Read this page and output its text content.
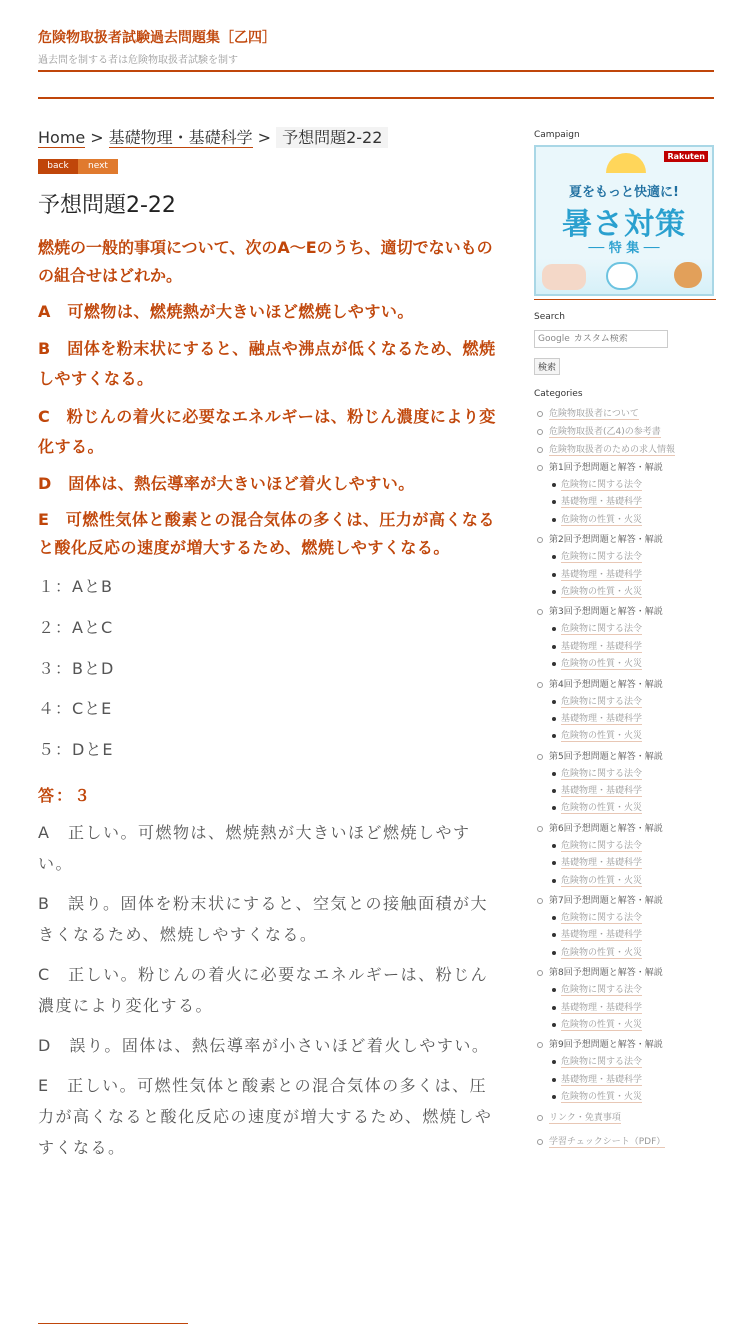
危険物取扱者試験過去問題集［乙四］
過去問を制する者は危険物取扱者試験を制す
Home > 基礎物理・基礎科学 > 予想問題2-22
back	next
予想問題2-22
燃焼の一般的事項について、次のA～Eのうち、適切でないものの組合せはどれか。
A　可燃物は、燃焼熱が大きいほど燃焼しやすい。
B　固体を粉末状にすると、融点や沸点が低くなるため、燃焼しやすくなる。
C　粉じんの着火に必要なエネルギーは、粉じん濃度により変化する。
D　固体は、熱伝導率が大きいほど着火しやすい。
E　可燃性気体と酸素との混合気体の多くは、圧力が高くなると酸化反応の速度が増大するため、燃焼しやすくなる。
１：AとB
２：AとC
３：BとD
４：CとE
５：DとE
答：３

A　正しい。可燃物は、燃焼熱が大きいほど燃焼しやすい。

B　誤り。固体を粉末状にすると、空気との接触面積が大きくなるため、燃焼しやすくなる。

C　正しい。粉じんの着火に必要なエネルギーは、粉じん濃度により変化する。

D　誤り。固体は、熱伝導率が小さいほど着火しやすい。

E　正しい。可燃性気体と酸素との混合気体の多くは、圧力が高くなると酸化反応の速度が増大するため、燃焼しやすくなる。

Campaign
Rakuten
夏をもっと快適に!
暑さ対策
── 特 集 ──
Search
Google
カスタム検索
検索
Categories
危険物取扱者について
危険物取扱者(乙4)の参考書
危険物取扱者のための求人情報
第1回予想問題と解答・解説
危険物に関する法令
基礎物理・基礎科学
危険物の性質・火災
第2回予想問題と解答・解説
危険物に関する法令
基礎物理・基礎科学
危険物の性質・火災
第3回予想問題と解答・解説
危険物に関する法令
基礎物理・基礎科学
危険物の性質・火災
第4回予想問題と解答・解説
危険物に関する法令
基礎物理・基礎科学
危険物の性質・火災
第5回予想問題と解答・解説
危険物に関する法令
基礎物理・基礎科学
危険物の性質・火災
第6回予想問題と解答・解説
危険物に関する法令
基礎物理・基礎科学
危険物の性質・火災
第7回予想問題と解答・解説
危険物に関する法令
基礎物理・基礎科学
危険物の性質・火災
第8回予想問題と解答・解説
危険物に関する法令
基礎物理・基礎科学
危険物の性質・火災
第9回予想問題と解答・解説
危険物に関する法令
基礎物理・基礎科学
危険物の性質・火災
リンク・免責事項
学習チェックシート（PDF）
